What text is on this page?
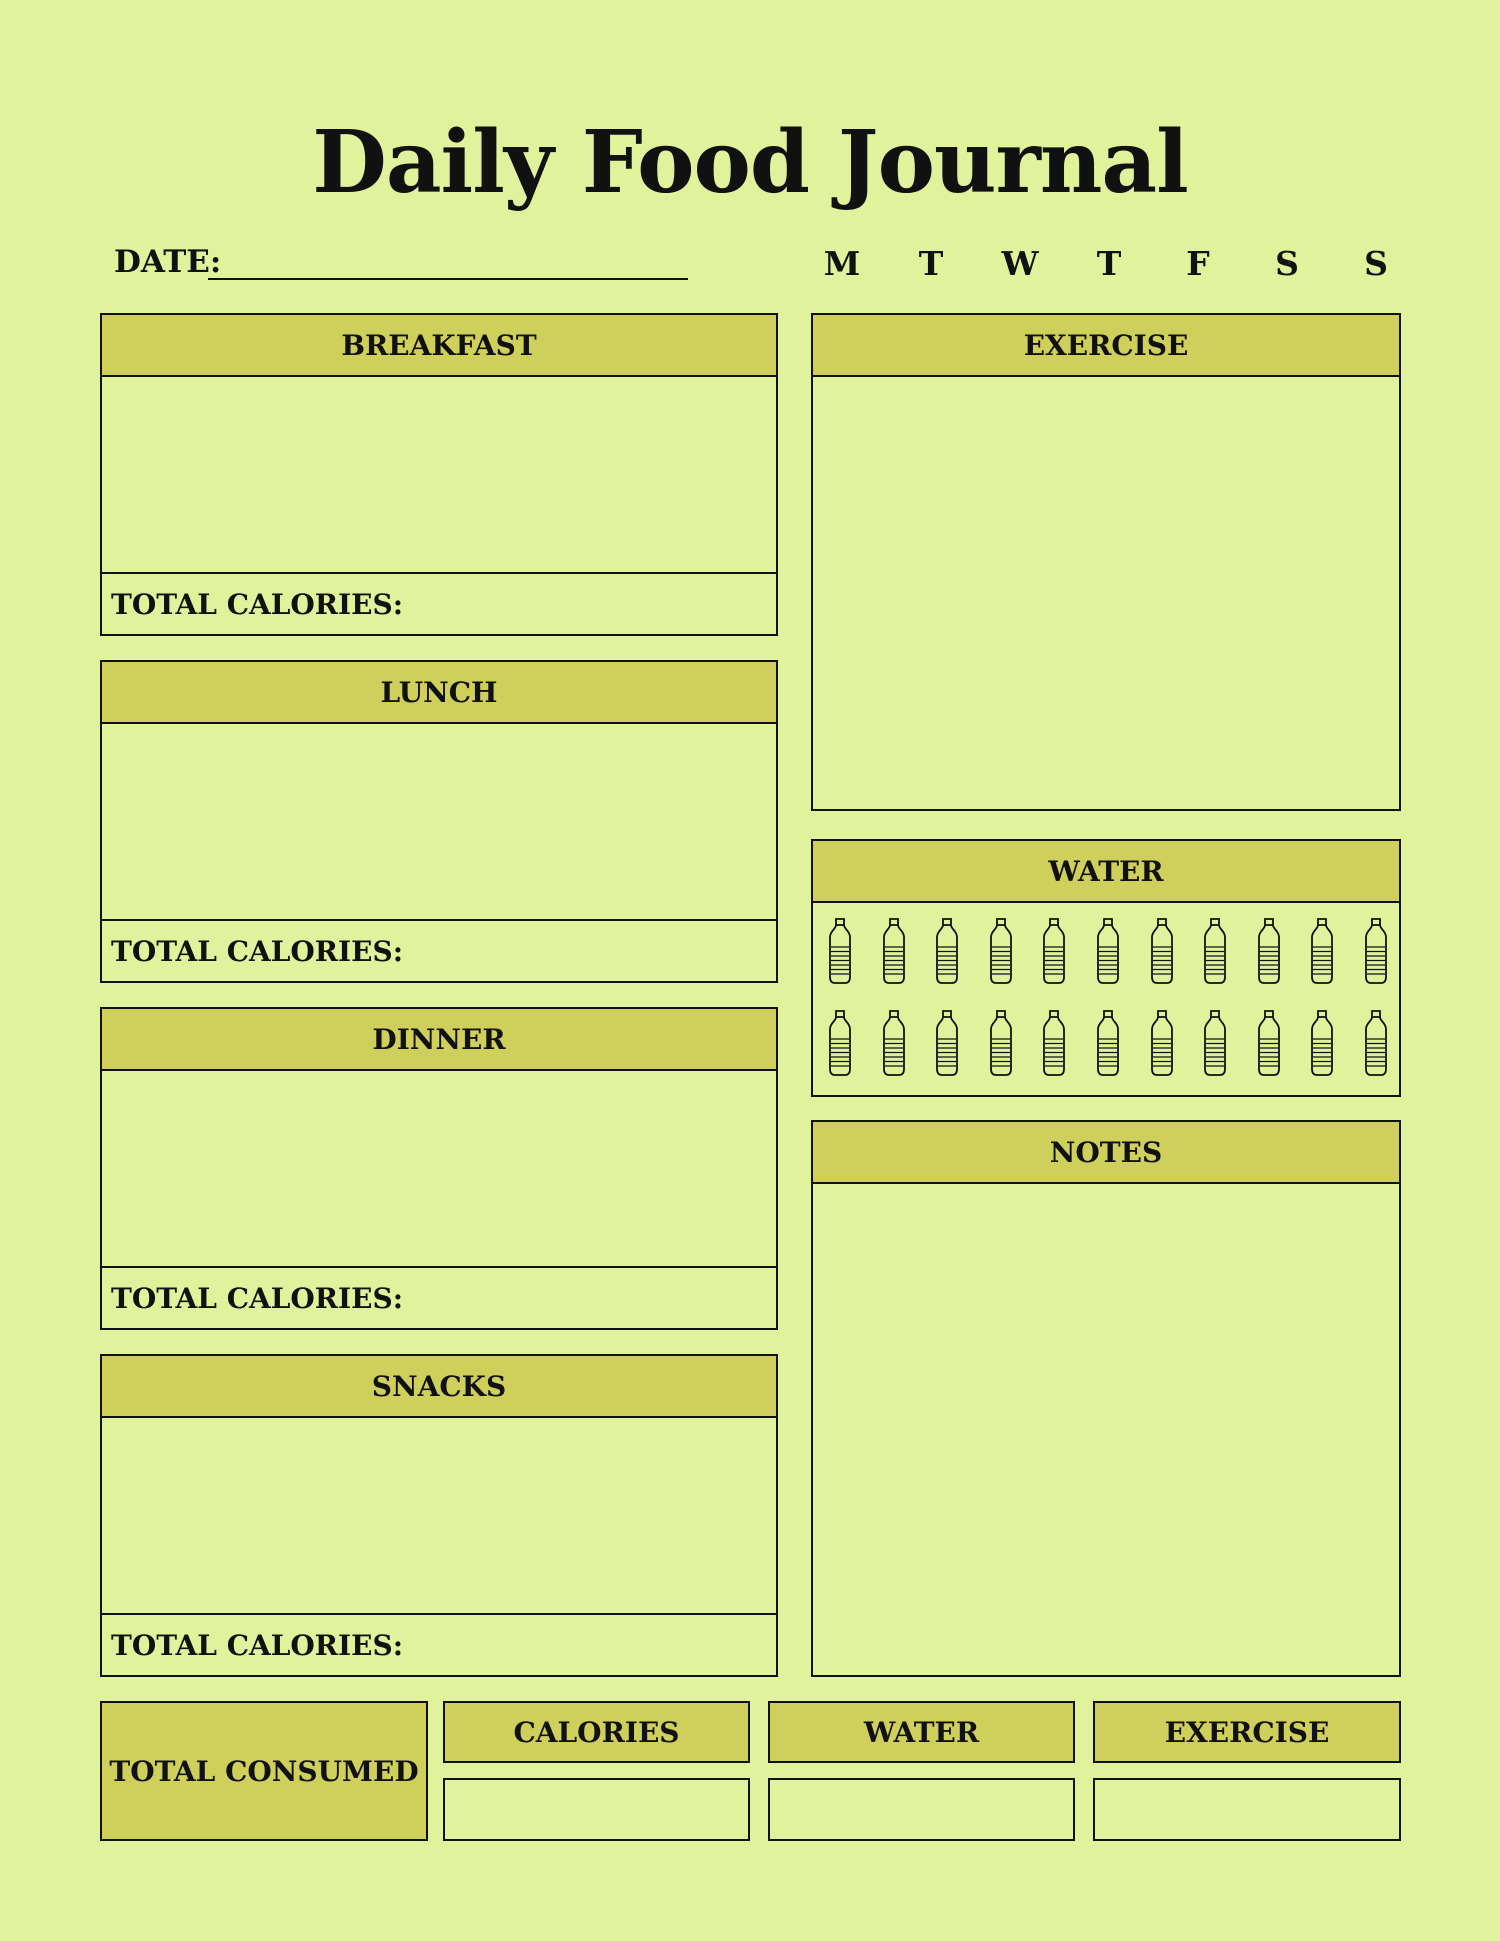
Daily Food Journal
DATE:	M T W T	F	S	S
BREAKFAST
TOTAL CALORIES:
LUNCH
TOTAL CALORIES:
DINNER
TOTAL CALORIES:
SNACKS
TOTAL CALORIES:
EXERCISE
WATER
NOTES
TOTAL CONSUMED
CALORIES	WATER	EXERCISE
